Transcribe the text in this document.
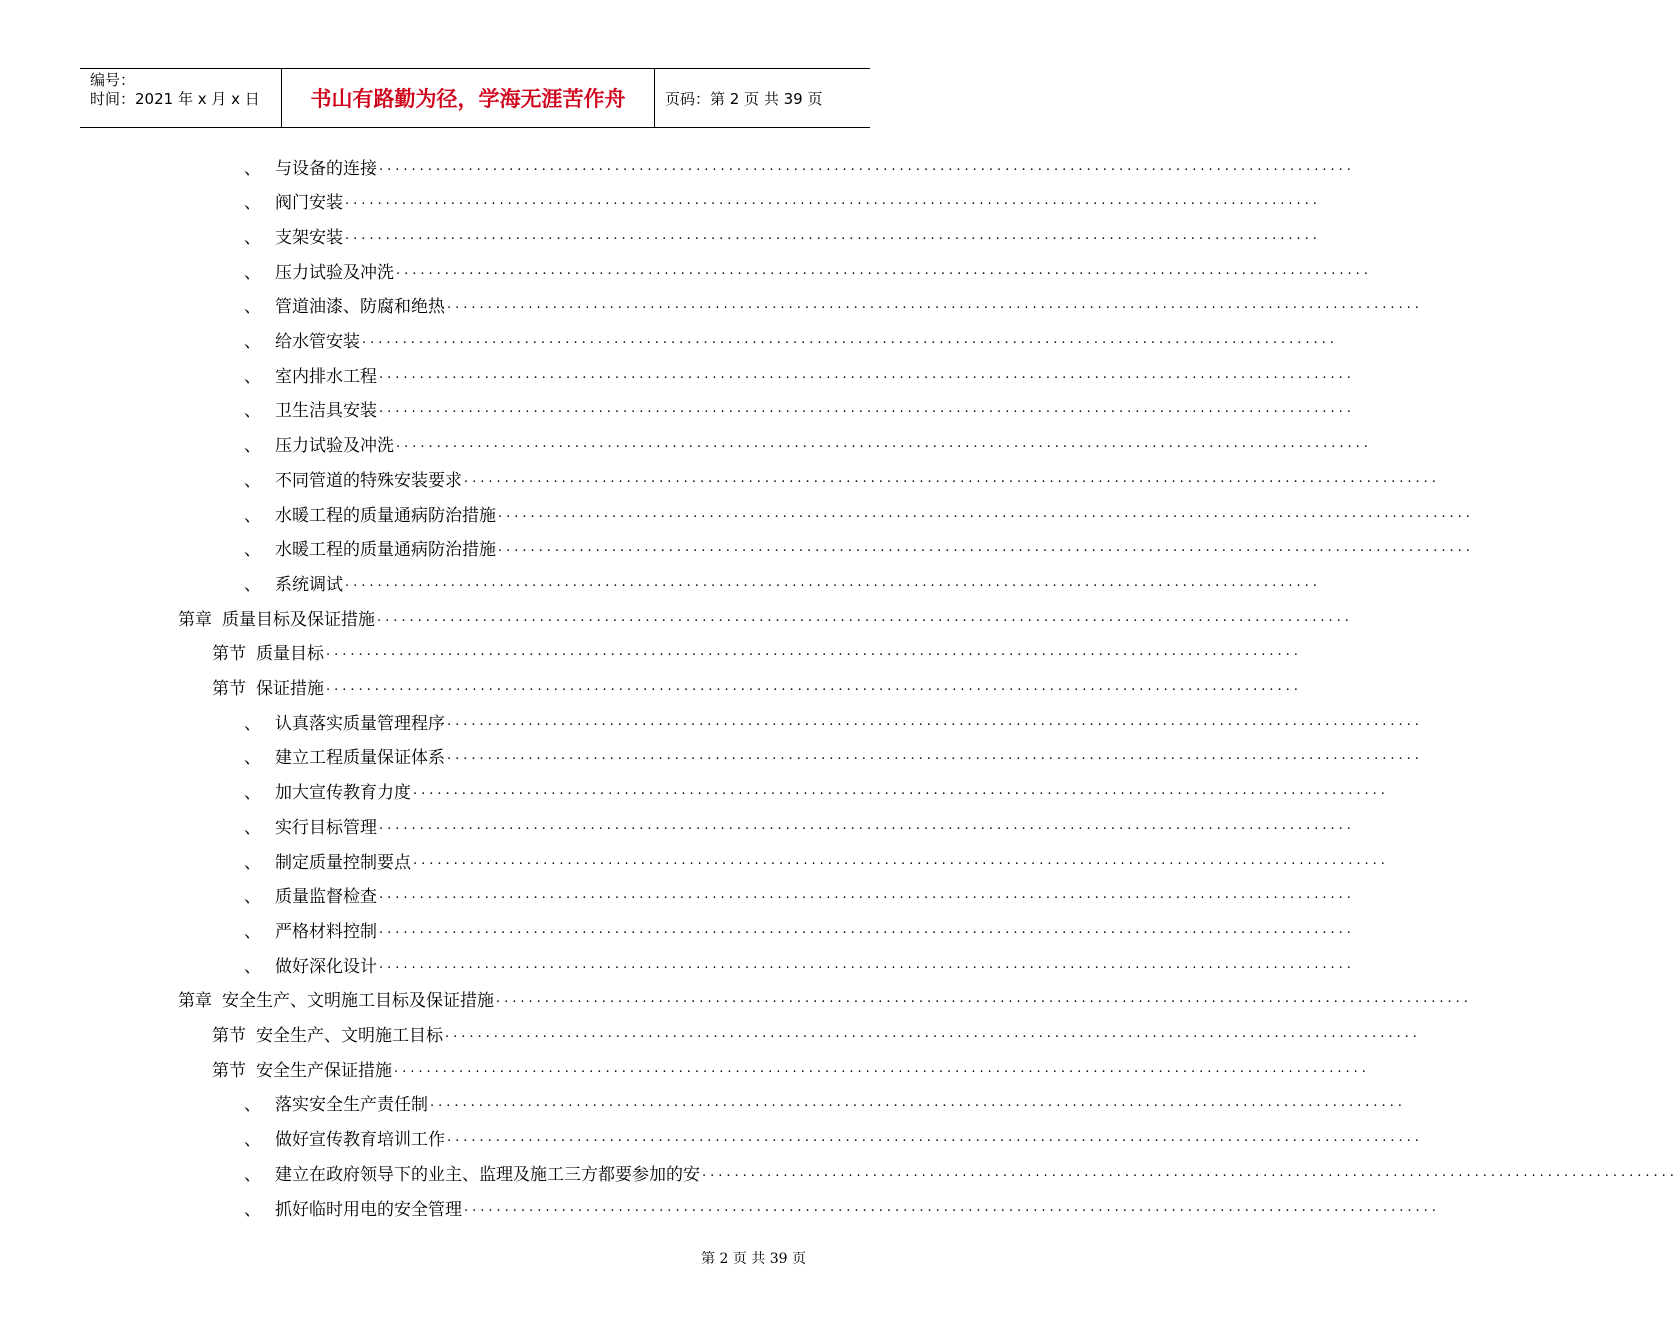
编号：
时间：2021 年 x 月 x 日	书山有路勤为径，学海无涯苦作舟	页码：第 2 页 共 39 页
、 与设备的连接 ........................................................................................................................
、 阀门安装 ........................................................................................................................
、 支架安装 ........................................................................................................................
、 压力试验及冲洗 ........................................................................................................................
、 管道油漆、防腐和绝热 ........................................................................................................................
、 给水管安装 ........................................................................................................................
、 室内排水工程 ........................................................................................................................
、 卫生洁具安装 ........................................................................................................................
、 压力试验及冲洗 ........................................................................................................................
、 不同管道的特殊安装要求 ........................................................................................................................
、 水暖工程的质量通病防治措施 ........................................................................................................................
、 水暖工程的质量通病防治措施 ........................................................................................................................
、 系统调试 ........................................................................................................................
第章 质量目标及保证措施 ........................................................................................................................
第节 质量目标 ........................................................................................................................
第节 保证措施 ........................................................................................................................
、 认真落实质量管理程序 ........................................................................................................................
、 建立工程质量保证体系 ........................................................................................................................
、 加大宣传教育力度 ........................................................................................................................
、 实行目标管理 ........................................................................................................................
、 制定质量控制要点 ........................................................................................................................
、 质量监督检查 ........................................................................................................................
、 严格材料控制 ........................................................................................................................
、 做好深化设计 ........................................................................................................................
第章 安全生产、文明施工目标及保证措施 ........................................................................................................................
第节 安全生产、文明施工目标 ........................................................................................................................
第节 安全生产保证措施 ........................................................................................................................
、 落实安全生产责任制 ........................................................................................................................
、 做好宣传教育培训工作 ........................................................................................................................
、 建立在政府领导下的业主、监理及施工三方都要参加的安 ........................................................................................................................
、 抓好临时用电的安全管理 ........................................................................................................................
第 2 页 共 39 页
